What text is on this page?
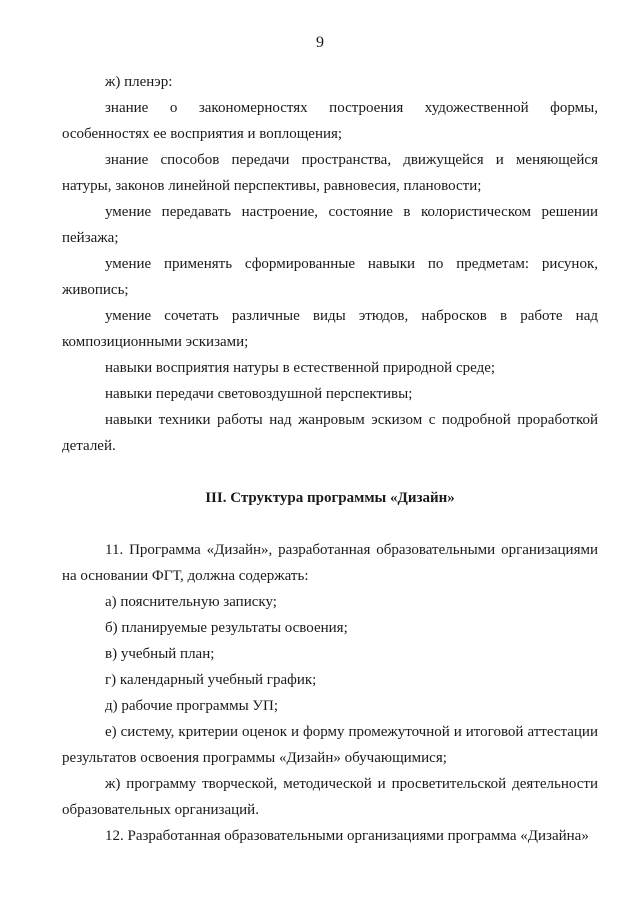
9

ж) пленэр:

знание о закономерностях построения художественной формы, особенностях ее восприятия и воплощения;

знание способов передачи пространства, движущейся и меняющейся натуры, законов линейной перспективы, равновесия, плановости;

умение передавать настроение, состояние в колористическом решении пейзажа;

умение применять сформированные навыки по предметам: рисунок, живопись;

умение сочетать различные виды этюдов, набросков в работе над композиционными эскизами;

навыки восприятия натуры в естественной природной среде;

навыки передачи световоздушной перспективы;

навыки техники работы над жанровым эскизом с подробной проработкой деталей.

III. Структура программы «Дизайн»

11. Программа «Дизайн», разработанная образовательными организациями на основании ФГТ, должна содержать:

а) пояснительную записку;

б) планируемые результаты освоения;

в) учебный план;

г) календарный учебный график;

д) рабочие программы УП;

е) систему, критерии оценок и форму промежуточной и итоговой аттестации результатов освоения программы «Дизайн» обучающимися;

ж) программу творческой, методической и просветительской деятельности образовательных организаций.

12. Разработанная образовательными организациями программа «Дизайна»
